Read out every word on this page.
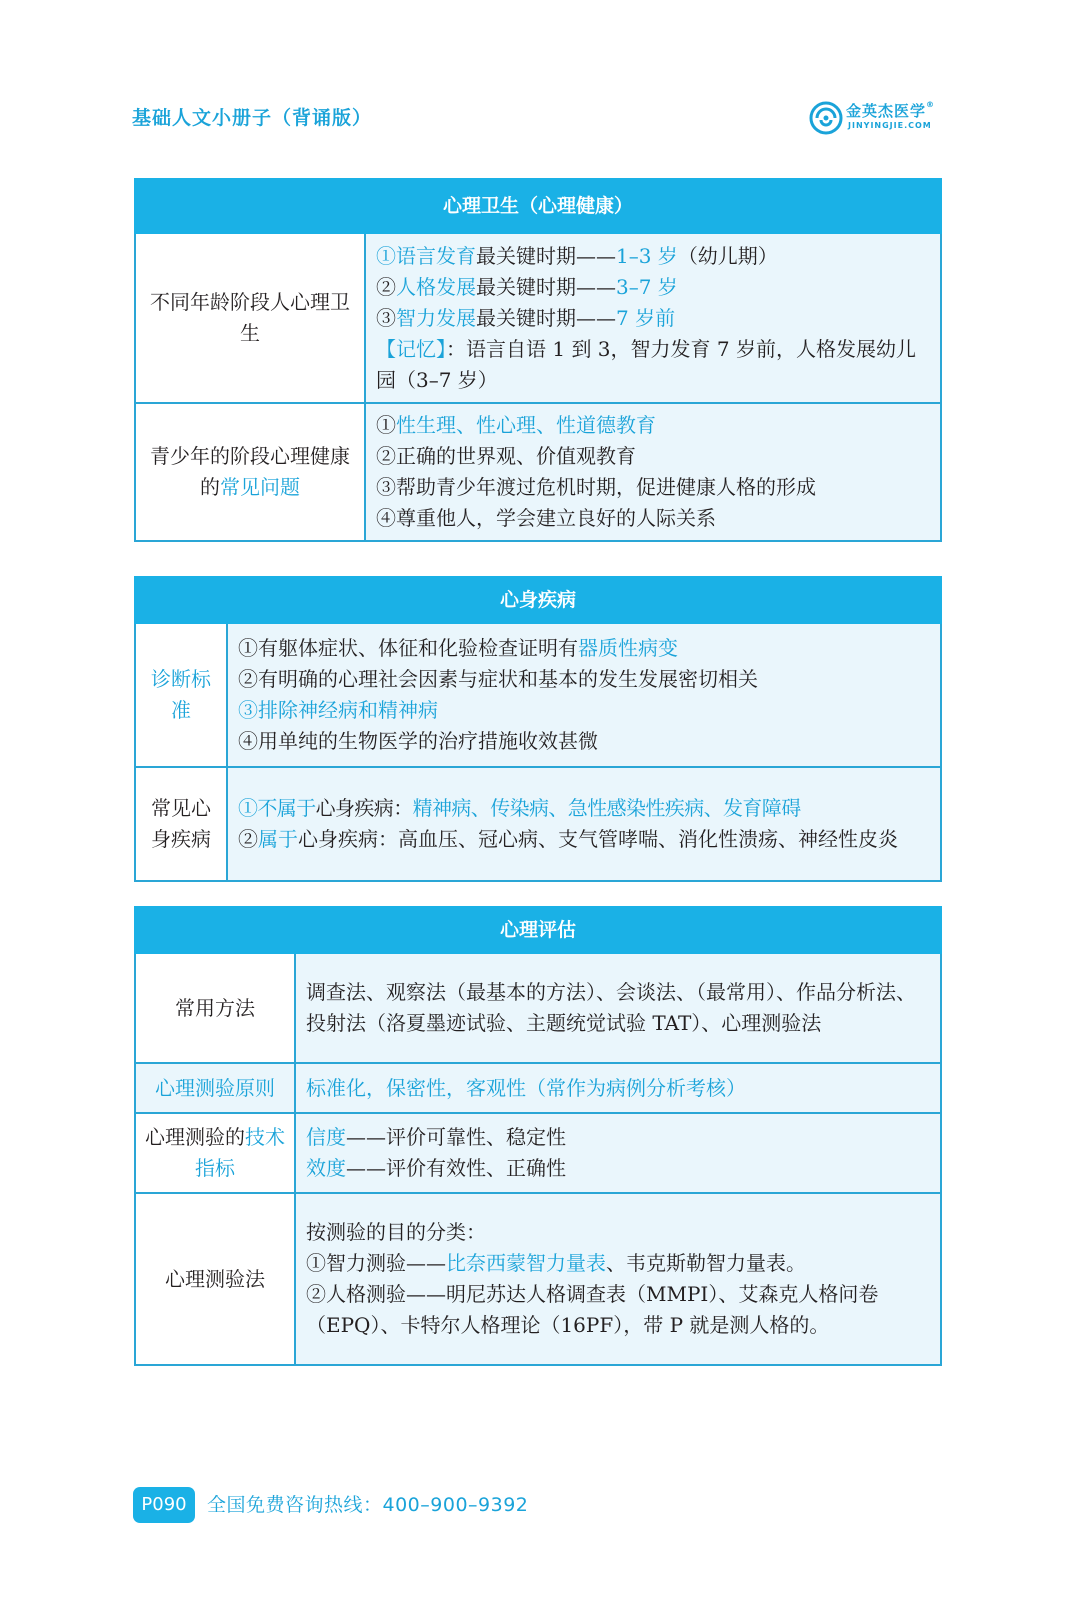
基础人文小册子（背诵版）	金英杰医学®
JINYINGJIE.COM
心理卫生（心理健康）	
不同年龄阶段人心理卫生	①语言发育最关键时期——1–3 岁（幼儿期）
②人格发展最关键时期——3–7 岁
③智力发展最关键时期——7 岁前
【记忆】：语言自语 1 到 3，智力发育 7 岁前，人格发展幼儿园（3–7 岁）

青少年的阶段心理健康的常见问题	①性生理、性心理、性道德教育
②正确的世界观、价值观教育
③帮助青少年渡过危机时期，促进健康人格的形成
④尊重他人，学会建立良好的人际关系
心身疾病	
诊断标准	①有躯体症状、体征和化验检查证明有器质性病变
②有明确的心理社会因素与症状和基本的发生发展密切相关
③排除神经病和精神病
④用单纯的生物医学的治疗措施收效甚微

常见心身疾病	①不属于心身疾病：精神病、传染病、急性感染性疾病、发育障碍
②属于心身疾病：高血压、冠心病、支气管哮喘、消化性溃疡、神经性皮炎
心理评估	
常用方法	调查法、观察法（最基本的方法）、会谈法、（最常用）、作品分析法、
投射法（洛夏墨迹试验、主题统觉试验 TAT）、心理测验法

心理测验原则	标准化，保密性，客观性（常作为病例分析考核）
心理测验的技术指标	信度——评价可靠性、稳定性
效度——评价有效性、正确性

心理测验法	按测验的目的分类：
①智力测验——比奈西蒙智力量表、韦克斯勒智力量表。
②人格测验——明尼苏达人格调查表（MMPI）、艾森克人格问卷（EPQ）、卡特尔人格理论（16PF），带 P 就是测人格的。
P090	全国免费咨询热线：400–900–9392
